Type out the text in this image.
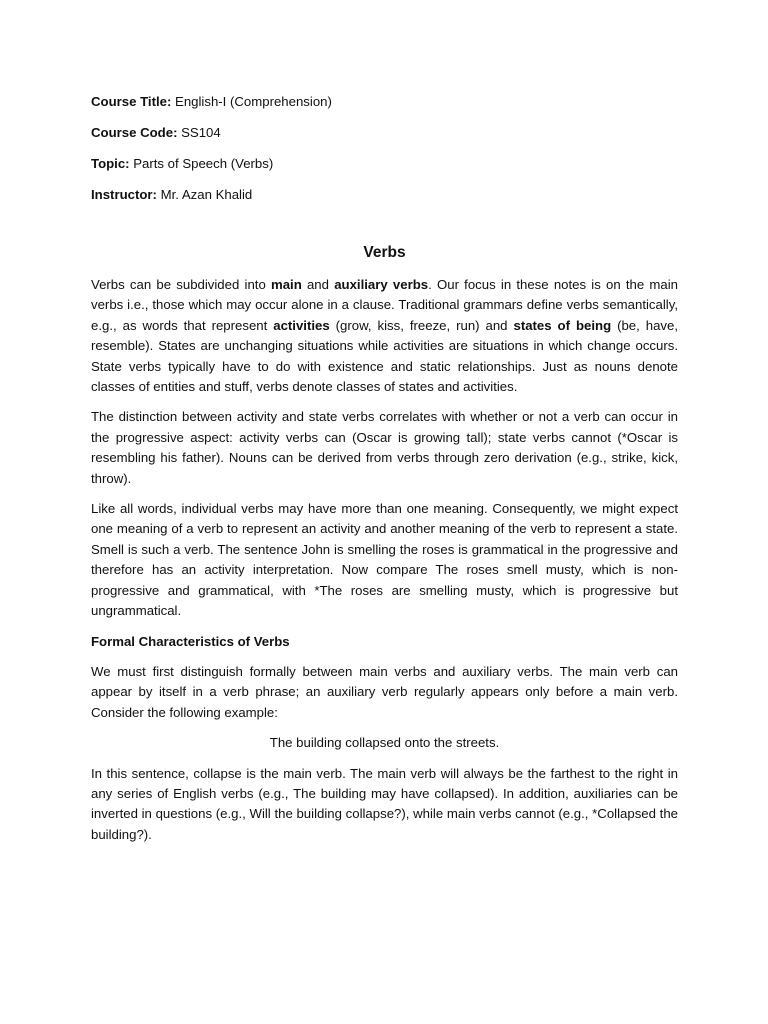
Course Title: English-I (Comprehension)
Course Code: SS104
Topic: Parts of Speech (Verbs)
Instructor: Mr. Azan Khalid
Verbs

Verbs can be subdivided into main and auxiliary verbs. Our focus in these notes is on the main verbs i.e., those which may occur alone in a clause. Traditional grammars define verbs semantically, e.g., as words that represent activities (grow, kiss, freeze, run) and states of being (be, have, resemble). States are unchanging situations while activities are situations in which change occurs. State verbs typically have to do with existence and static relationships. Just as nouns denote classes of entities and stuff, verbs denote classes of states and activities.

The distinction between activity and state verbs correlates with whether or not a verb can occur in the progressive aspect: activity verbs can (Oscar is growing tall); state verbs cannot (*Oscar is resembling his father). Nouns can be derived from verbs through zero derivation (e.g., strike, kick, throw).

Like all words, individual verbs may have more than one meaning. Consequently, we might expect one meaning of a verb to represent an activity and another meaning of the verb to represent a state. Smell is such a verb. The sentence John is smelling the roses is grammatical in the progressive and therefore has an activity interpretation. Now compare The roses smell musty, which is non-progressive and grammatical, with *The roses are smelling musty, which is progressive but ungrammatical.

Formal Characteristics of Verbs

We must first distinguish formally between main verbs and auxiliary verbs. The main verb can appear by itself in a verb phrase; an auxiliary verb regularly appears only before a main verb. Consider the following example:

The building collapsed onto the streets.

In this sentence, collapse is the main verb. The main verb will always be the farthest to the right in any series of English verbs (e.g., The building may have collapsed). In addition, auxiliaries can be inverted in questions (e.g., Will the building collapse?), while main verbs cannot (e.g., *Collapsed the building?).
